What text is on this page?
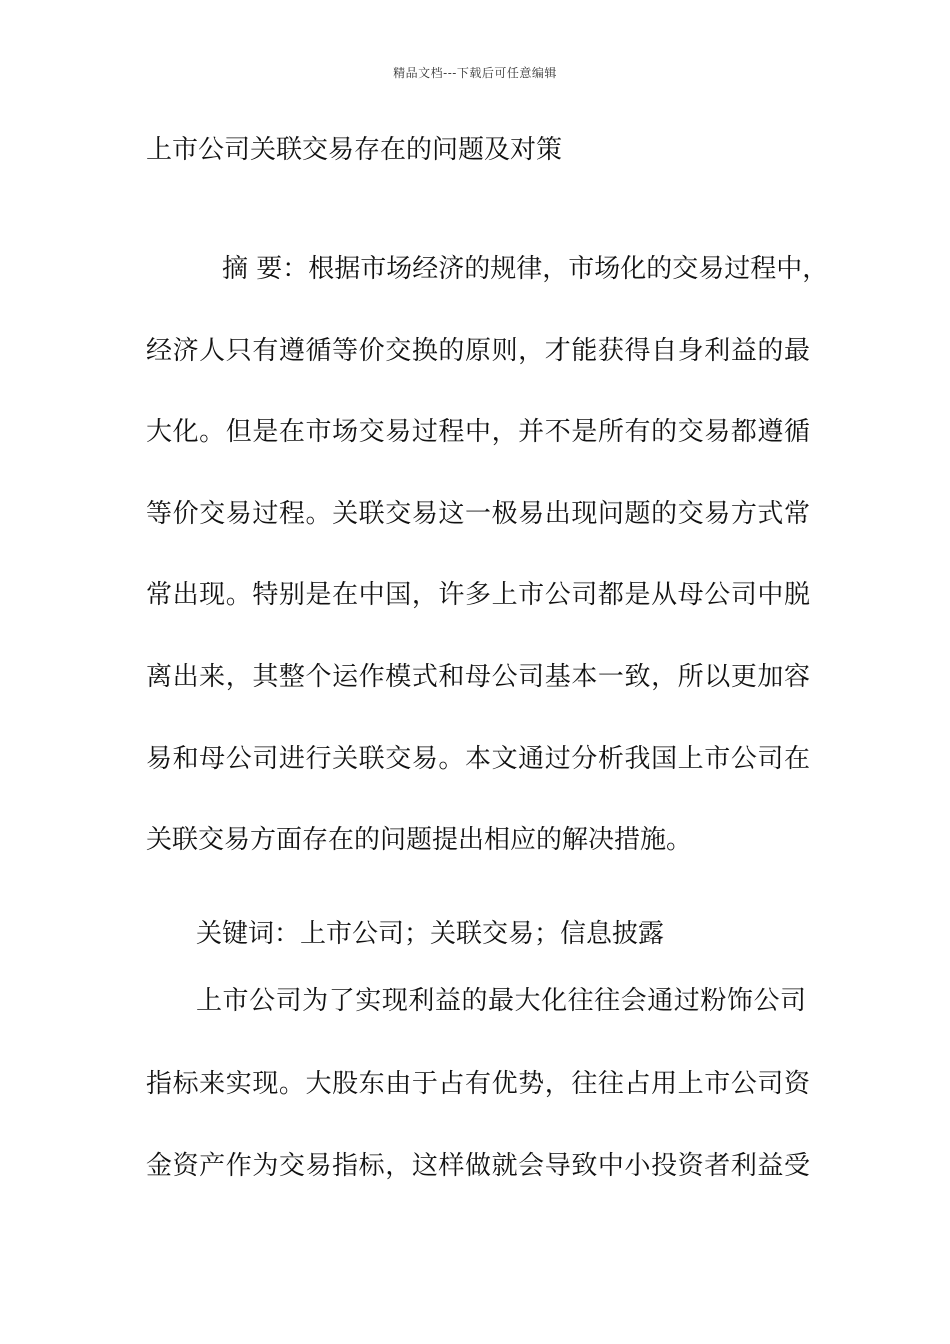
精品文档---下载后可任意编辑
上市公司关联交易存在的问题及对策
摘 要：根据市场经济的规律，市场化的交易过程中，
经济人只有遵循等价交换的原则，才能获得自身利益的最
大化。但是在市场交易过程中，并不是所有的交易都遵循
等价交易过程。关联交易这一极易出现问题的交易方式常
常出现。特别是在中国，许多上市公司都是从母公司中脱
离出来，其整个运作模式和母公司基本一致，所以更加容
易和母公司进行关联交易。本文通过分析我国上市公司在
关联交易方面存在的问题提出相应的解决措施。
关键词：上市公司；关联交易；信息披露
上市公司为了实现利益的最大化往往会通过粉饰公司
指标来实现。大股东由于占有优势，往往占用上市公司资
金资产作为交易指标，这样做就会导致中小投资者利益受
